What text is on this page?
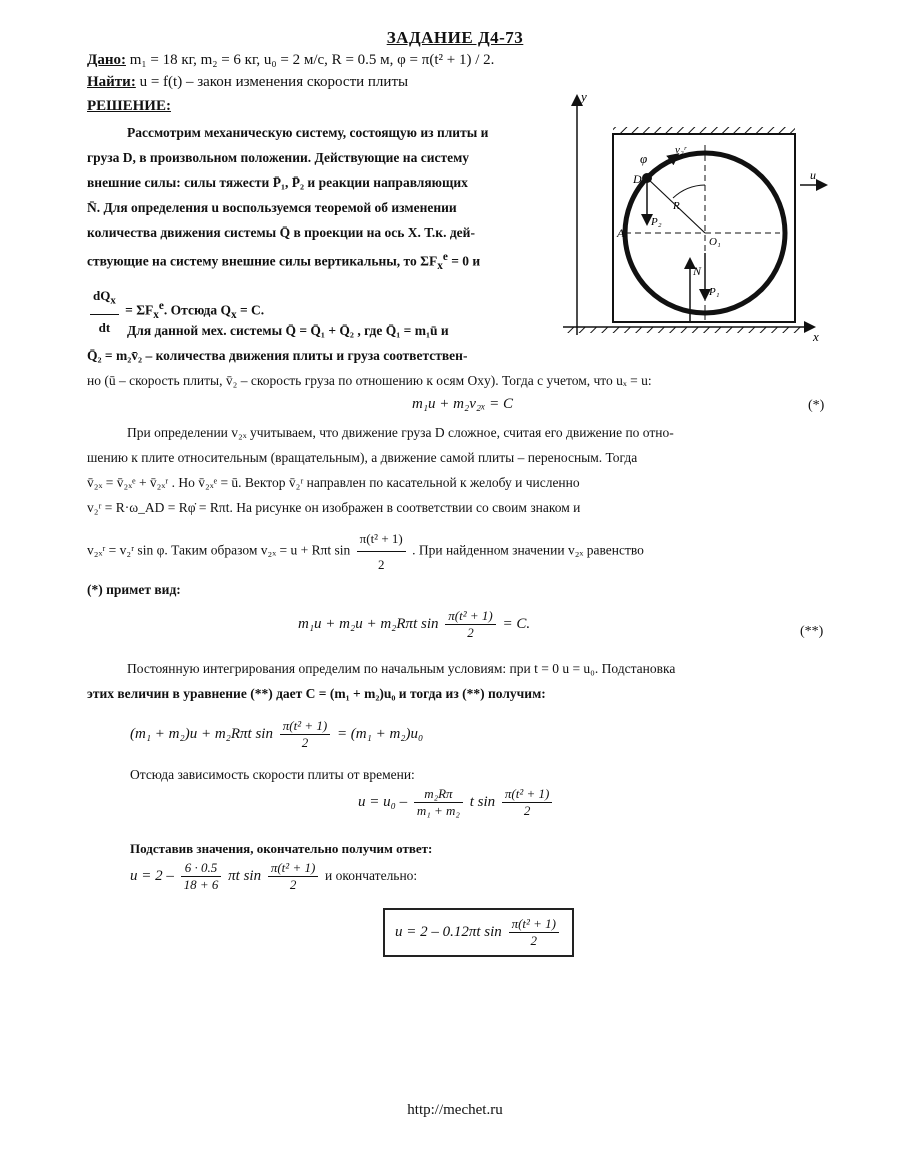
ЗАДАНИЕ Д4-73
Дано: m₁ = 18 кг, m₂ = 6 кг, u₀ = 2 м/с, R = 0.5 м, φ = π(t² + 1) / 2.
Найти: u = f(t) – закон изменения скорости плиты
РЕШЕНИЕ:
Рассмотрим механическую систему, состоящую из плиты и
груза D, в произвольном положении. Действующие на систему
внешние силы: силы тяжести P̄₁, P̄₂ и реакции направляющих
N̄. Для определения u воспользуемся теоремой об изменении
количества движения системы Q̄ в проекции на ось X. Т.к. дей-
ствующие на систему внешние силы вертикальны, то $\Sigma F_x^e = 0$ и
$\frac{dQ_x}{dt} = \Sigma F_x^e$. Отсюда $Q_x = C$.
Для данной мех. системы Q̄ = Q̄₁ + Q̄₂ , где Q̄₁ = m₁ū и
Q̄₂ = m₂v̄₂ – количества движения плиты и груза соответствен-
но (ū – скорость плиты, v̄₂ – скорость груза по отношению к осям Oxy). Тогда с учетом, что uₓ = u:
m₁u + m₂v₂ₓ = C	(*)
При определении v₂ₓ учитываем, что движение груза D сложное, считая его движение по отно-
шению к плите относительным (вращательным), а движение самой плиты – переносным. Тогда
v̄₂ₓ = v̄₂ₓᵉ + v̄₂ₓʳ . Но v̄₂ₓᵉ = ū. Вектор v̄₂ʳ направлен по касательной к желобу и численно
v₂ʳ = R·ω_AD = Rφ̇ = Rπt. На рисунке он изображен в соответствии со своим знаком и
v₂ₓʳ = v₂ʳ sin φ. Таким образом v₂ₓ = u + Rπt $\sin \frac{\text{π(t² + 1)}}{2}$ . При найденном значении v₂ₓ равенство
(*) примет вид:
m₁u + m₂u + m₂Rπt $\sin \frac{\text{π(t² + 1)}}{2} = C$.	(**)
Постоянную интегрирования определим по начальным условиям: при t = 0 u = u₀. Подстановка
этих величин в уравнение (**) дает C = (m₁ + m₂)u₀ и тогда из (**) получим:
(m₁ + m₂)u + m₂Rπt $\sin \frac{\text{π(t² + 1)}}{2} = (m_1 + m_2)u_0$
Отсюда зависимость скорости плиты от времени:
$u = u_0 - \frac{\text{m₂Rπ}}{\text{m₁ + m₂}}$ t $\sin \frac{\text{π(t² + 1)}}{2}$
Подставив значения, окончательно получим ответ:
$u = 2 - \frac{6 \cdot 0.5}{18 + 6}$ πt $\sin \frac{\text{π(t² + 1)}}{2}$ и окончательно:
u = 2 – 0.12πt $\sin \frac{\text{π(t² + 1)}}{2}$
http://mechet.ru
y
x
φ
D
A
N
u
P₂
P₁
O₁
R
v₂ʳ
